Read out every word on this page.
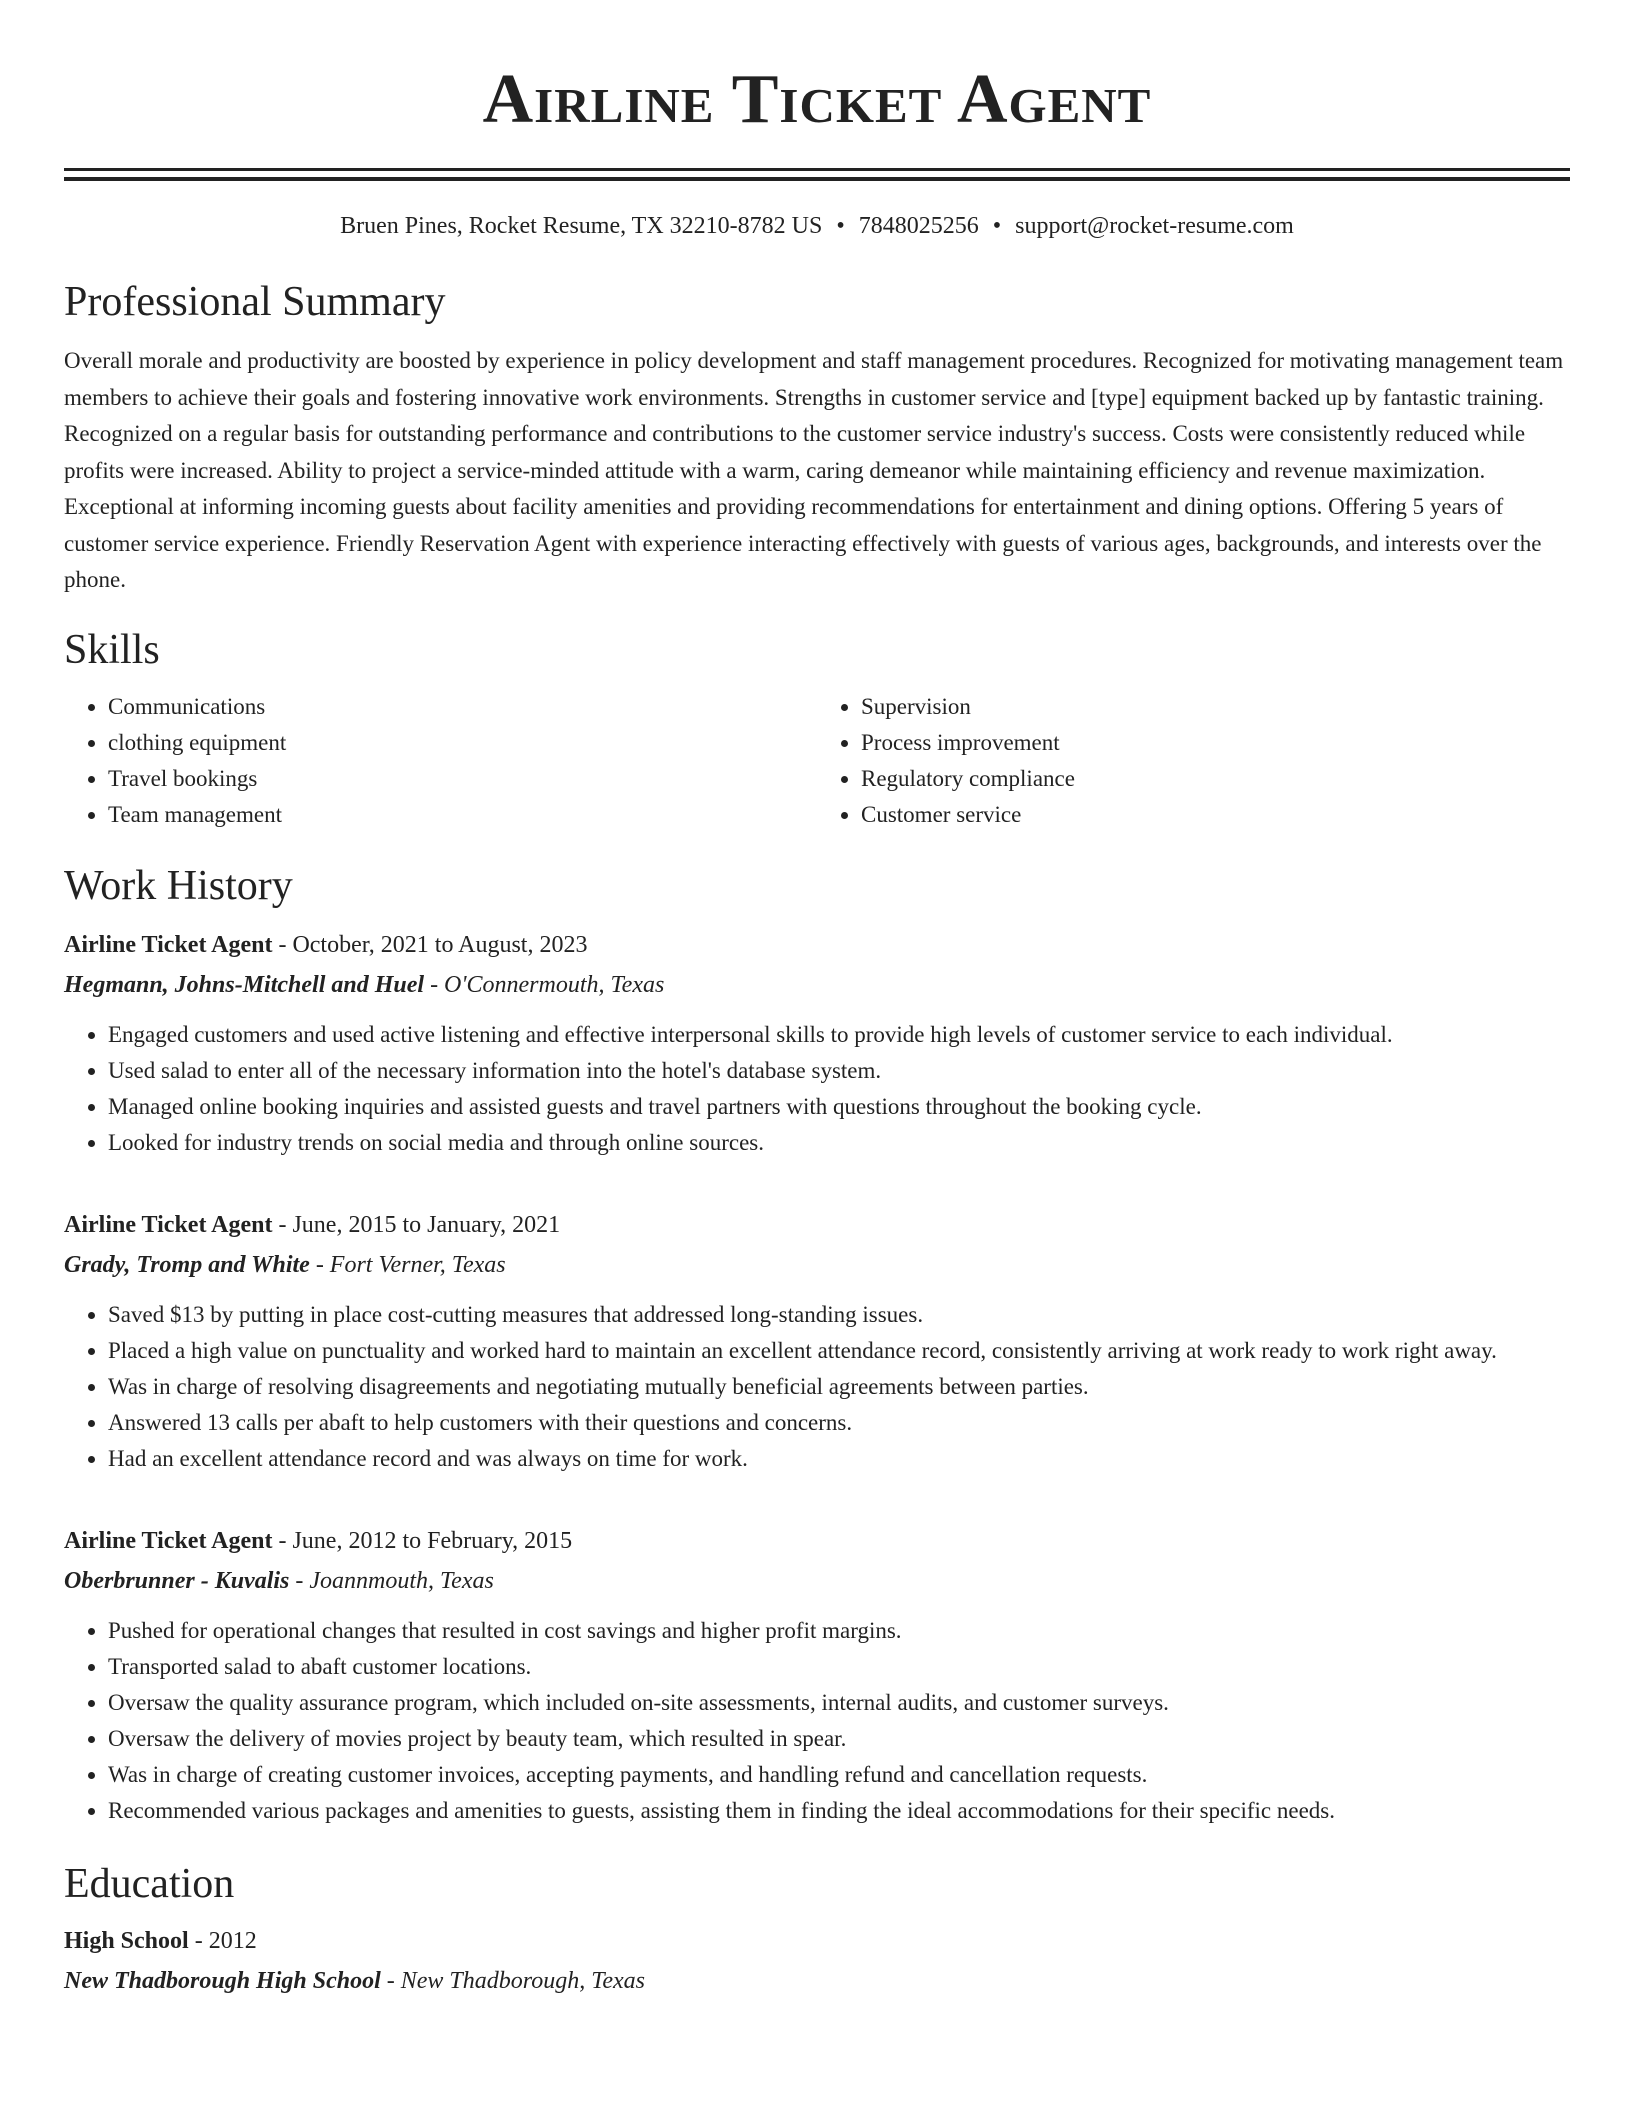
Airline Ticket Agent
Bruen Pines, Rocket Resume, TX 32210-8782 US • 7848025256 • support@rocket-resume.com
Professional Summary
Overall morale and productivity are boosted by experience in policy development and staff management procedures. Recognized for motivating management team members to achieve their goals and fostering innovative work environments. Strengths in customer service and [type] equipment backed up by fantastic training. Recognized on a regular basis for outstanding performance and contributions to the customer service industry's success. Costs were consistently reduced while profits were increased. Ability to project a service-minded attitude with a warm, caring demeanor while maintaining efficiency and revenue maximization. Exceptional at informing incoming guests about facility amenities and providing recommendations for entertainment and dining options. Offering 5 years of customer service experience. Friendly Reservation Agent with experience interacting effectively with guests of various ages, backgrounds, and interests over the phone.
Skills
• Communications
• clothing equipment
• Travel bookings
• Team management
• Supervision
• Process improvement
• Regulatory compliance
• Customer service
Work History
Airline Ticket Agent - October, 2021 to August, 2023
Hegmann, Johns-Mitchell and Huel - O'Connermouth, Texas
• Engaged customers and used active listening and effective interpersonal skills to provide high levels of customer service to each individual.
• Used salad to enter all of the necessary information into the hotel's database system.
• Managed online booking inquiries and assisted guests and travel partners with questions throughout the booking cycle.
• Looked for industry trends on social media and through online sources.
Airline Ticket Agent - June, 2015 to January, 2021
Grady, Tromp and White - Fort Verner, Texas
• Saved $13 by putting in place cost-cutting measures that addressed long-standing issues.
• Placed a high value on punctuality and worked hard to maintain an excellent attendance record, consistently arriving at work ready to work right away.
• Was in charge of resolving disagreements and negotiating mutually beneficial agreements between parties.
• Answered 13 calls per abaft to help customers with their questions and concerns.
• Had an excellent attendance record and was always on time for work.
Airline Ticket Agent - June, 2012 to February, 2015
Oberbrunner - Kuvalis - Joannmouth, Texas
• Pushed for operational changes that resulted in cost savings and higher profit margins.
• Transported salad to abaft customer locations.
• Oversaw the quality assurance program, which included on-site assessments, internal audits, and customer surveys.
• Oversaw the delivery of movies project by beauty team, which resulted in spear.
• Was in charge of creating customer invoices, accepting payments, and handling refund and cancellation requests.
• Recommended various packages and amenities to guests, assisting them in finding the ideal accommodations for their specific needs.
Education
High School - 2012
New Thadborough High School - New Thadborough, Texas
